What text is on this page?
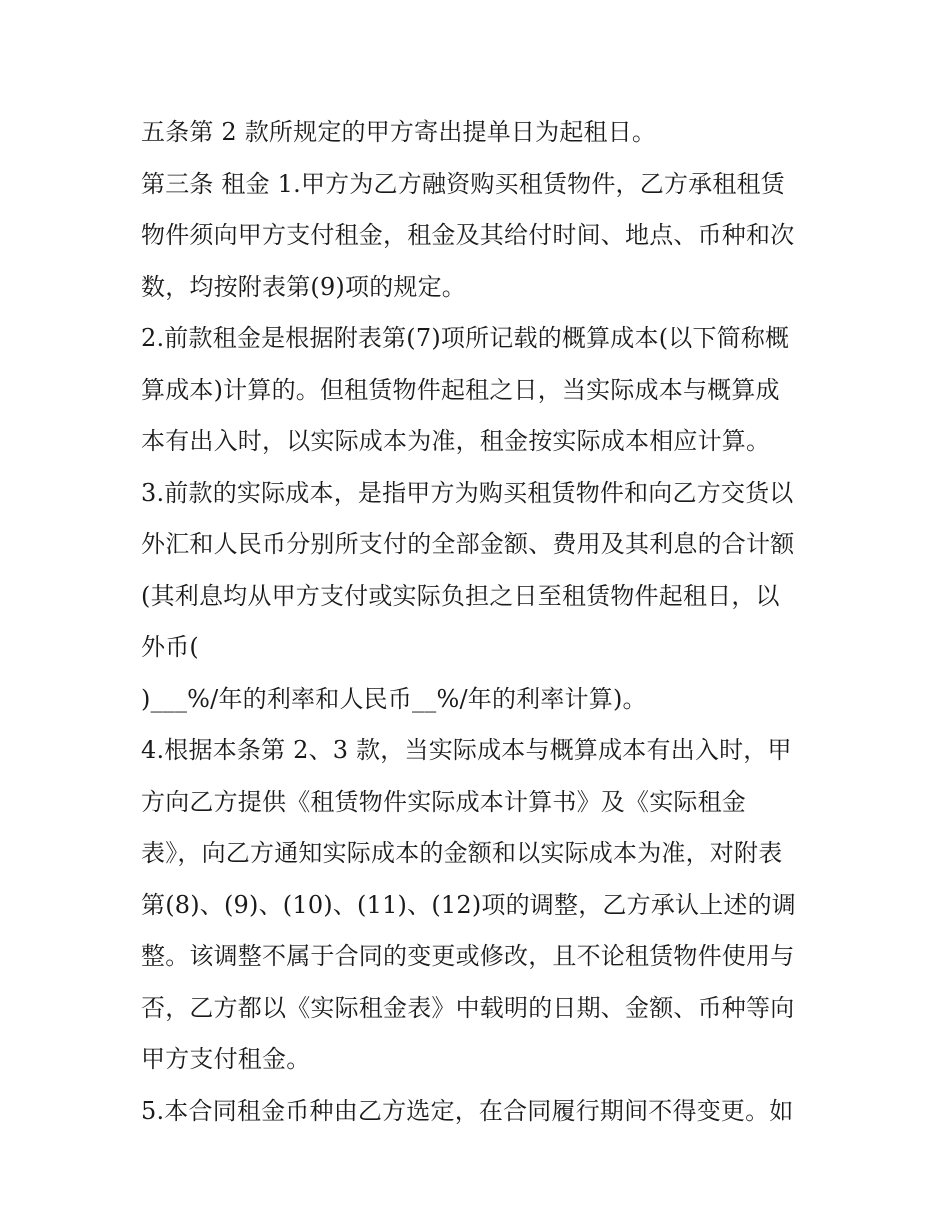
五条第 2 款所规定的甲方寄出提单日为起租日。
第三条 租金 1.甲方为乙方融资购买租赁物件，乙方承租租赁
物件须向甲方支付租金，租金及其给付时间、地点、币种和次
数，均按附表第(9)项的规定。
2.前款租金是根据附表第(7)项所记载的概算成本(以下简称概
算成本)计算的。但租赁物件起租之日，当实际成本与概算成
本有出入时，以实际成本为准，租金按实际成本相应计算。
3.前款的实际成本，是指甲方为购买租赁物件和向乙方交货以
外汇和人民币分别所支付的全部金额、费用及其利息的合计额
(其利息均从甲方支付或实际负担之日至租赁物件起租日，以
外币(
)___%/年的利率和人民币__%/年的利率计算)。
4.根据本条第 2、3 款，当实际成本与概算成本有出入时，甲
方向乙方提供《租赁物件实际成本计算书》及《实际租金
表》，向乙方通知实际成本的金额和以实际成本为准，对附表
第(8)、(9)、(10)、(11)、(12)项的调整，乙方承认上述的调
整。该调整不属于合同的变更或修改，且不论租赁物件使用与
否，乙方都以《实际租金表》中载明的日期、金额、币种等向
甲方支付租金。
5.本合同租金币种由乙方选定，在合同履行期间不得变更。如
